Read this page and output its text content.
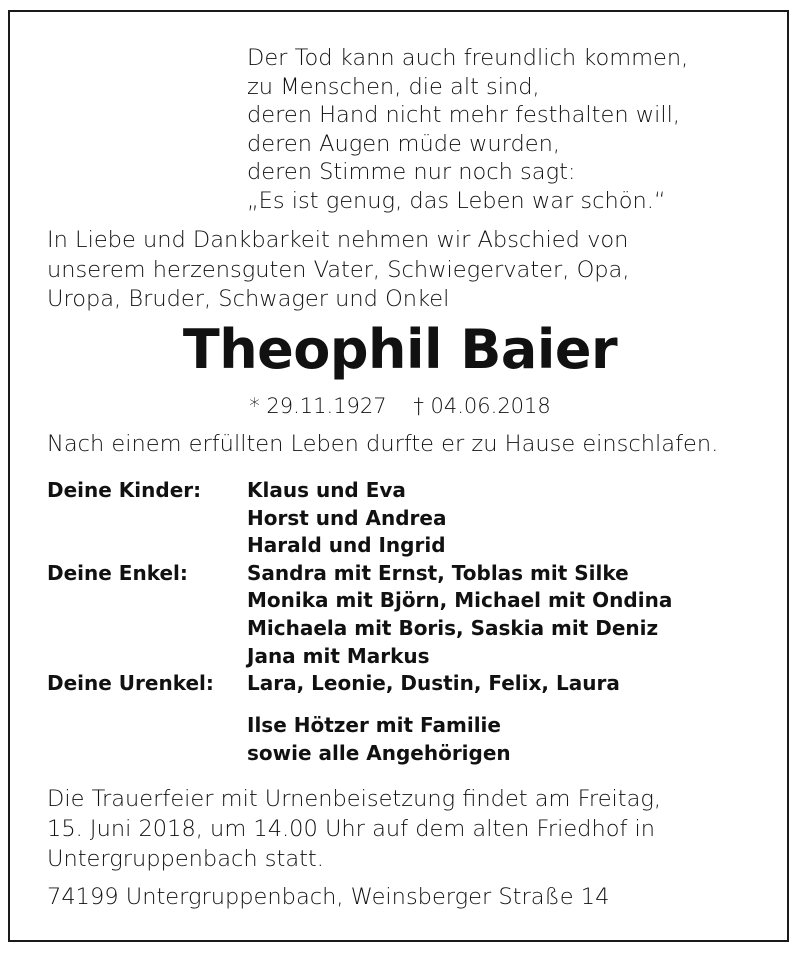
Der Tod kann auch freundlich kommen,
zu Menschen, die alt sind,
deren Hand nicht mehr festhalten will,
deren Augen müde wurden,
deren Stimme nur noch sagt:
„Es ist genug, das Leben war schön.“
In Liebe und Dankbarkeit nehmen wir Abschied von
unserem herzensguten Vater, Schwiegervater, Opa,
Uropa, Bruder, Schwager und Onkel
Theophil Baier
* 29.11.1927 † 04.06.2018
Nach einem erfüllten Leben durfte er zu Hause einschlafen.
Deine Kinder:	Klaus und Eva
Horst und Andrea
Harald und Ingrid
Deine Enkel:	Sandra mit Ernst, Toblas mit Silke
Monika mit Björn, Michael mit Ondina
Michaela mit Boris, Saskia mit Deniz
Jana mit Markus
Deine Urenkel:	Lara, Leonie, Dustin, Felix, Laura
Ilse Hötzer mit Familie
sowie alle Angehörigen
Die Trauerfeier mit Urnenbeisetzung findet am Freitag,
15. Juni 2018, um 14.00 Uhr auf dem alten Friedhof in
Untergruppenbach statt.
74199 Untergruppenbach, Weinsberger Straße 14
